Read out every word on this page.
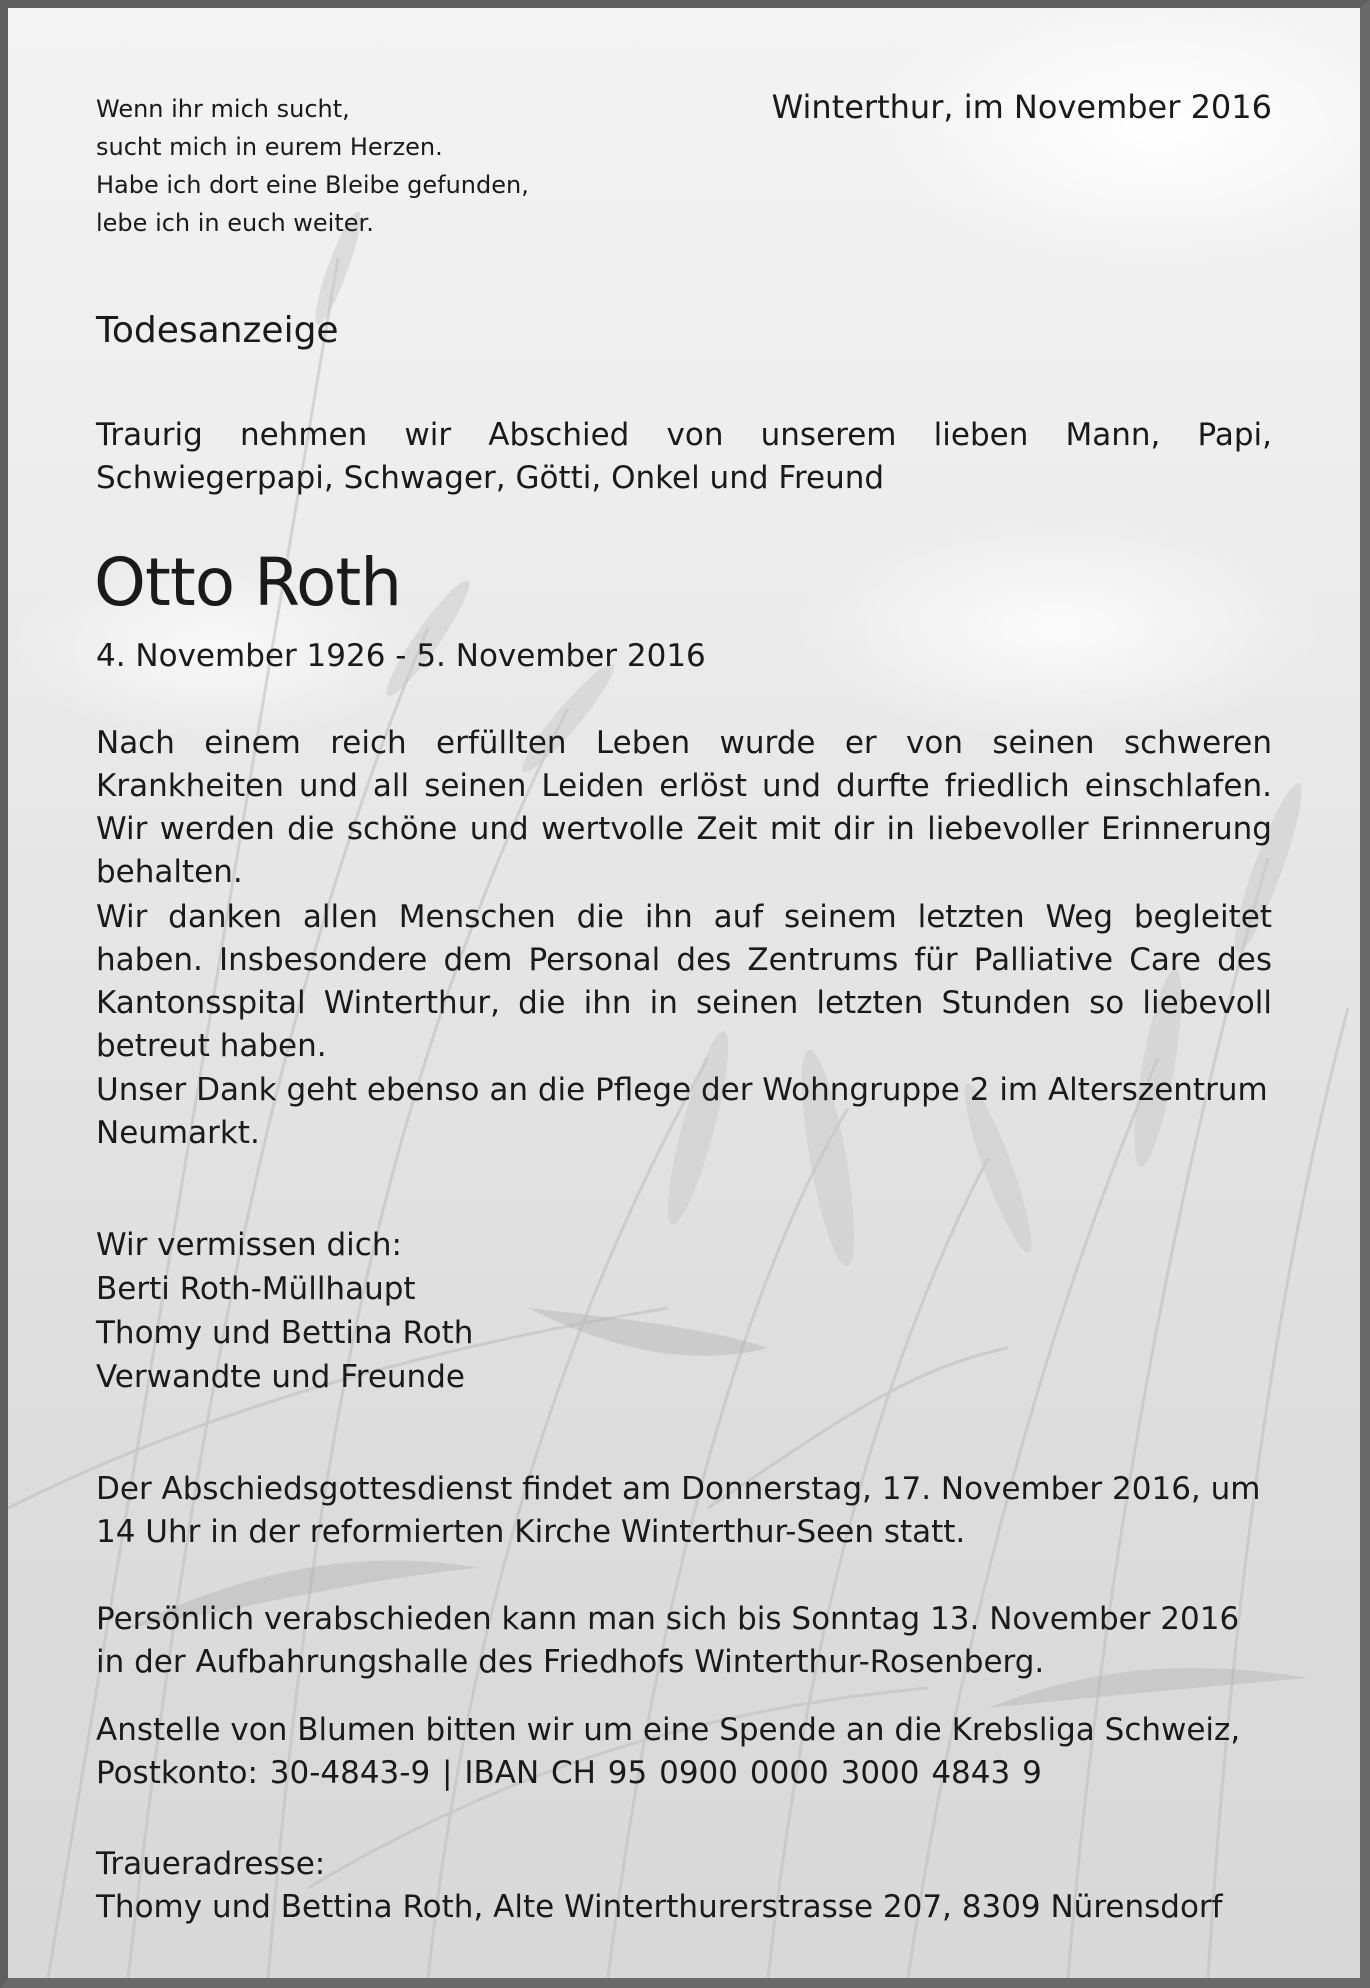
Wenn ihr mich sucht,
sucht mich in eurem Herzen.
Habe ich dort eine Bleibe gefunden,
lebe ich in euch weiter.
Winterthur, im November 2016
Todesanzeige
Traurig nehmen wir Abschied von unserem lieben Mann, Papi, Schwiegerpapi, Schwager, Götti, Onkel und Freund
Otto Roth
4. November 1926 - 5. November 2016
Nach einem reich erfüllten Leben wurde er von seinen schweren Krankheiten und all seinen Leiden erlöst und durfte friedlich einschlafen. Wir werden die schöne und wertvolle Zeit mit dir in liebevoller Erinnerung behalten.
Wir danken allen Menschen die ihn auf seinem letzten Weg begleitet haben. Insbesondere dem Personal des Zentrums für Palliative Care des Kantonsspital Winterthur, die ihn in seinen letzten Stunden so liebevoll betreut haben.
Unser Dank geht ebenso an die Pflege der Wohngruppe 2 im Alterszentrum Neumarkt.
Wir vermissen dich:
Berti Roth-Müllhaupt
Thomy und Bettina Roth
Verwandte und Freunde
Der Abschiedsgottesdienst findet am Donnerstag, 17. November 2016, um 14 Uhr in der reformierten Kirche Winterthur-Seen statt.
Persönlich verabschieden kann man sich bis Sonntag 13. November 2016 in der Aufbahrungshalle des Friedhofs Winterthur-Rosenberg.
Anstelle von Blumen bitten wir um eine Spende an die Krebsliga Schweiz,
Postkonto: 30-4843-9 | IBAN CH 95 0900 0000 3000 4843 9
Traueradresse:
Thomy und Bettina Roth, Alte Winterthurerstrasse 207, 8309 Nürensdorf
